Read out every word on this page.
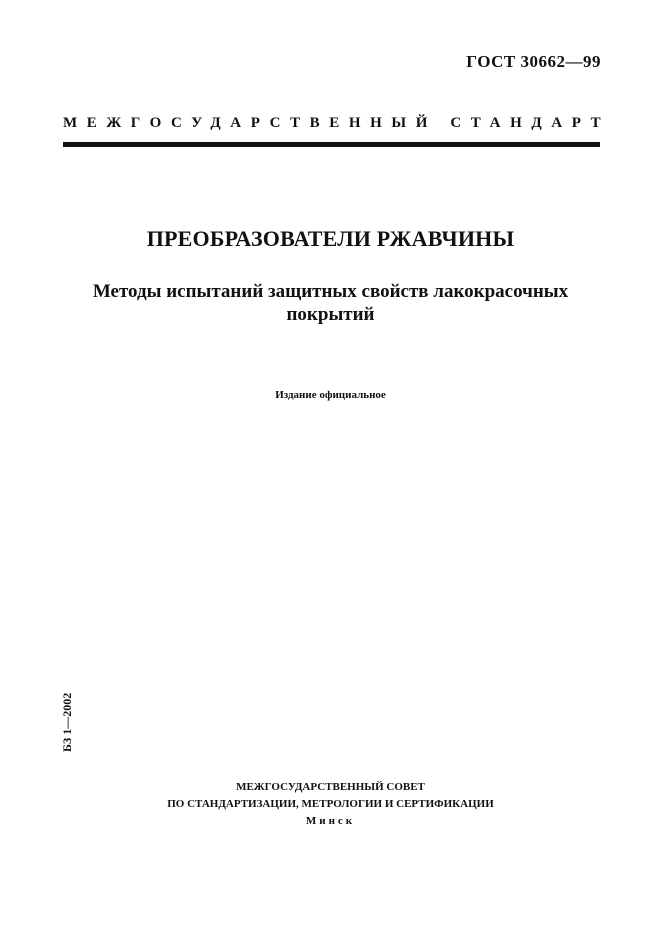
ГОСТ 30662—99
МЕЖГОСУДАРСТВЕННЫЙ СТАНДАРТ
ПРЕОБРАЗОВАТЕЛИ РЖАВЧИНЫ
Методы испытаний защитных свойств лакокрасочных
покрытий
Издание официальное
БЗ 1—2002
МЕЖГОСУДАРСТВЕННЫЙ СОВЕТ
ПО СТАНДАРТИЗАЦИИ, МЕТРОЛОГИИ И СЕРТИФИКАЦИИ
Минск
